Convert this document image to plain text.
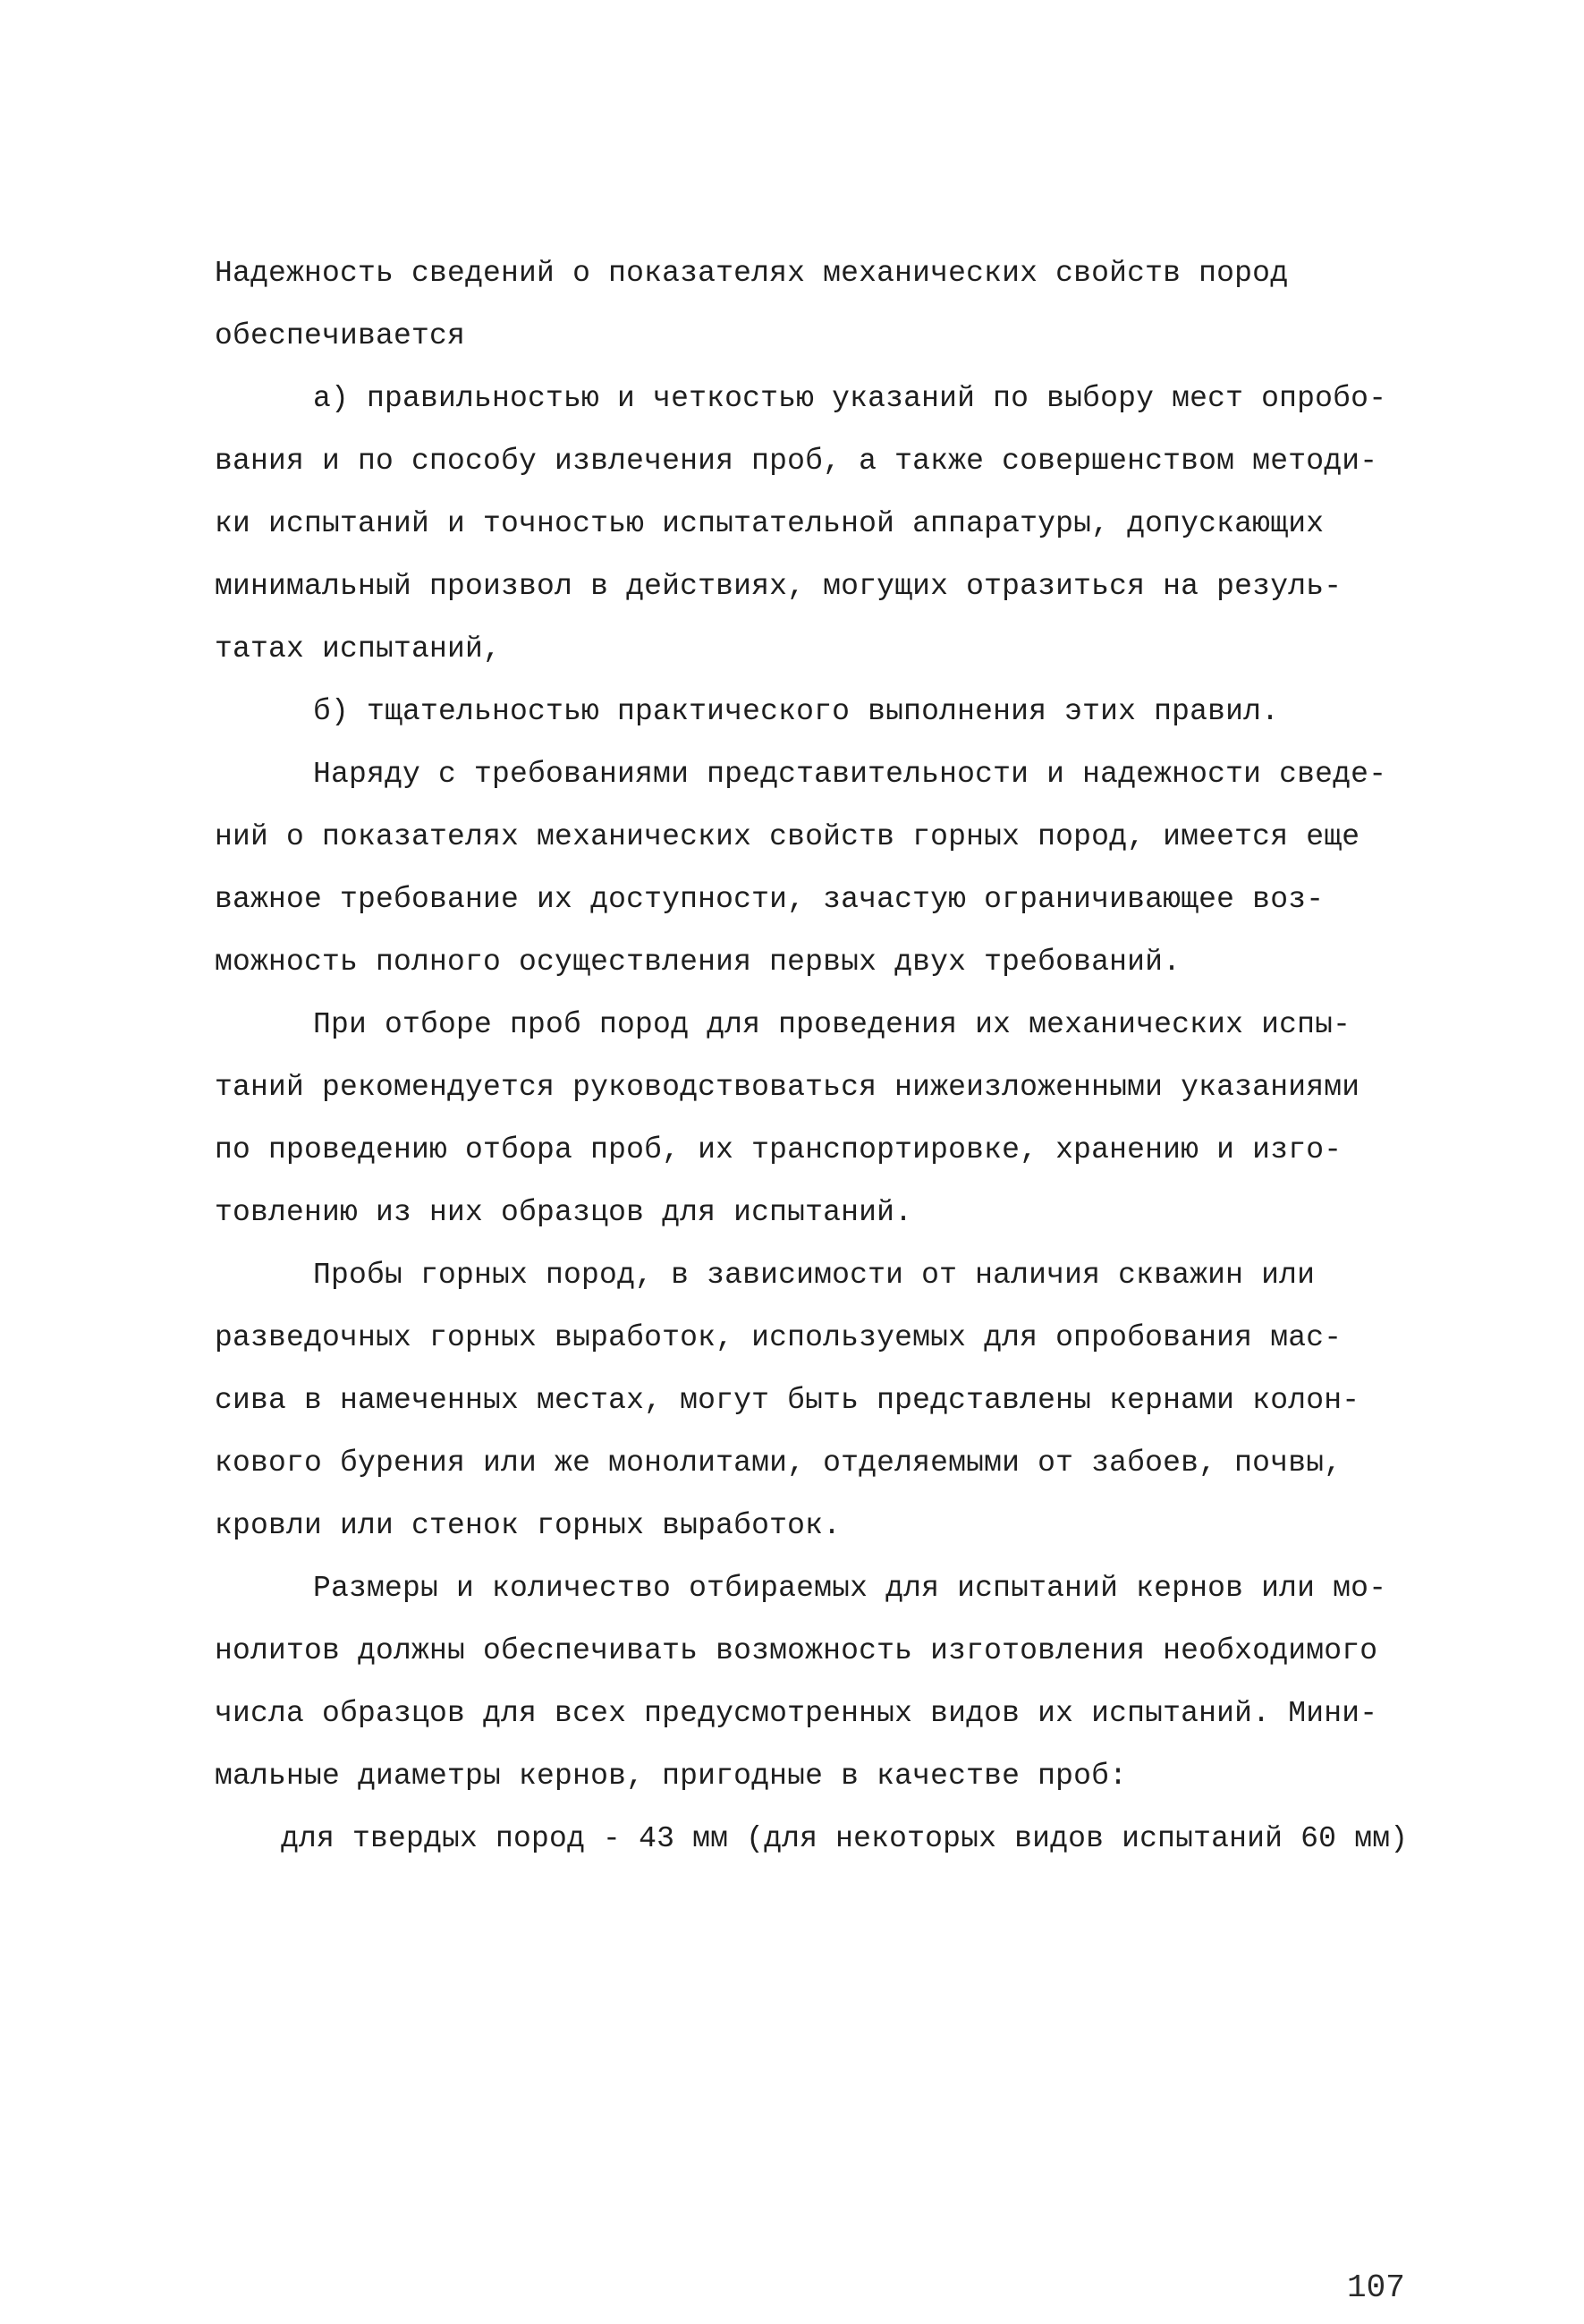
Надежность сведений о показателях механических свойств пород
обеспечивается
а) правильностью и четкостью указаний по выбору мест опробо-
вания и по способу извлечения проб, а также совершенством методи-
ки испытаний и точностью испытательной аппаратуры, допускающих
минимальный произвол в действиях, могущих отразиться на резуль-
татах испытаний,
б) тщательностью практического выполнения этих правил.
Наряду с требованиями представительности и надежности сведе-
ний о показателях механических свойств горных пород, имеется еще
важное требование их доступности, зачастую ограничивающее воз-
можность полного осуществления первых двух требований.
При отборе проб пород для проведения их механических испы-
таний рекомендуется руководствоваться нижеизложенными указаниями
по проведению отбора проб, их транспортировке, хранению и изго-
товлению из них образцов для испытаний.
Пробы горных пород, в зависимости от наличия скважин или
разведочных горных выработок, используемых для опробования мас-
сива в намеченных местах, могут быть представлены кернами колон-
кового бурения или же монолитами, отделяемыми от забоев, почвы,
кровли или стенок горных выработок.
Размеры и количество отбираемых для испытаний кернов или мо-
нолитов должны обеспечивать возможность изготовления необходимого
числа образцов для всех предусмотренных видов их испытаний. Мини-
мальные диаметры кернов, пригодные в качестве проб:
для твердых пород - 43 мм (для некоторых видов испытаний 60 мм)
107
